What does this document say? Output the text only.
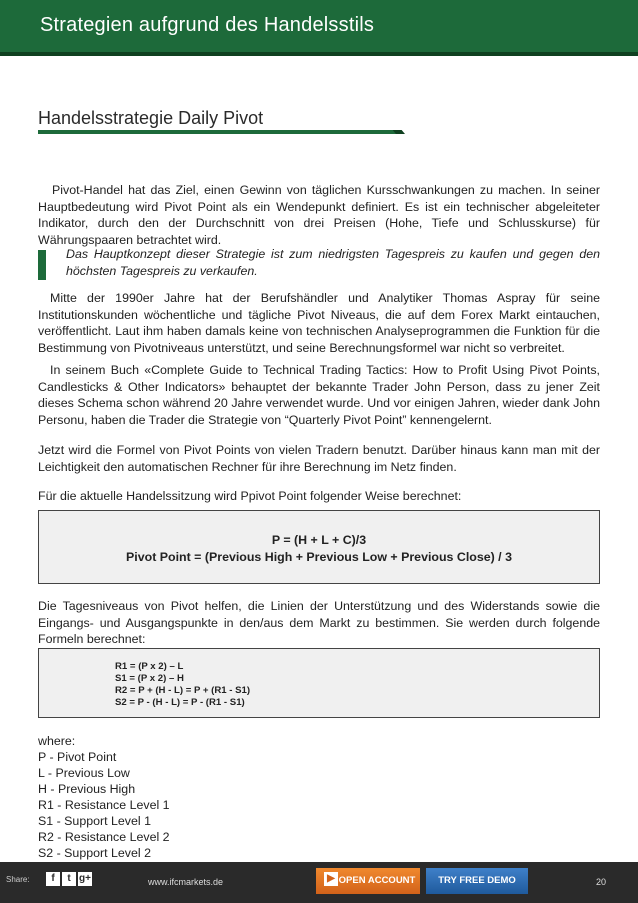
Strategien aufgrund des Handelsstils
Handelsstrategie Daily Pivot
Pivot-Handel hat das Ziel, einen Gewinn von täglichen Kursschwankungen zu machen. In seiner Hauptbedeutung wird Pivot Point als ein Wendepunkt definiert. Es ist ein technischer abgeleiteter Indikator, durch den der Durchschnitt von drei Preisen (Hohe, Tiefe und Schlusskurse) für Währungspaaren betrachtet wird.
Das Hauptkonzept dieser Strategie ist zum niedrigsten Tagespreis zu kaufen und gegen den höchsten Tagespreis zu verkaufen.
Mitte der 1990er Jahre hat der Berufshändler und Analytiker Thomas Aspray für seine Institutionskunden wöchentliche und tägliche Pivot Niveaus, die auf dem Forex Markt eintauchen, veröffentlicht. Laut ihm haben damals keine von technischen Analyseprogrammen die Funktion für die Bestimmung von Pivotniveaus unterstützt, und seine Berechnungsformel war nicht so verbreitet.
In seinem Buch «Complete Guide to Technical Trading Tactics: How to Profit Using Pivot Points, Candlesticks & Other Indicators» behauptet der bekannte Trader John Person, dass zu jener Zeit dieses Schema schon während 20 Jahre verwendet wurde. Und vor einigen Jahren, wieder dank John Personu, haben die Trader die Strategie von “Quarterly Pivot Point” kennengelernt.
Jetzt wird die Formel von Pivot Points von vielen Tradern benutzt. Darüber hinaus kann man mit der Leichtigkeit den automatischen Rechner für ihre Berechnung im Netz finden.
Für die aktuelle Handelssitzung wird Ppivot Point folgender Weise berechnet:
P = (H + L + C)/3
Pivot Point = (Previous High + Previous Low + Previous Close) / 3
Die Tagesniveaus von Pivot helfen, die Linien der Unterstützung und des Widerstands sowie die Eingangs- und Ausgangspunkte in den/aus dem Markt zu bestimmen. Sie werden durch folgende Formeln berechnet:
R1 = (P x 2) – L
S1 = (P x 2) – H
R2 = P + (H - L) = P + (R1 - S1)
S2 = P - (H - L) = P - (R1 - S1)
where:
P - Pivot Point
L - Previous Low
H - Previous High
R1 - Resistance Level 1
S1 - Support Level 1
R2 - Resistance Level 2
S2 - Support Level 2
Share:	f	t g+	www.ifcmarkets.de	▶ OPEN ACCOUNT	TRY FREE DEMO	20
